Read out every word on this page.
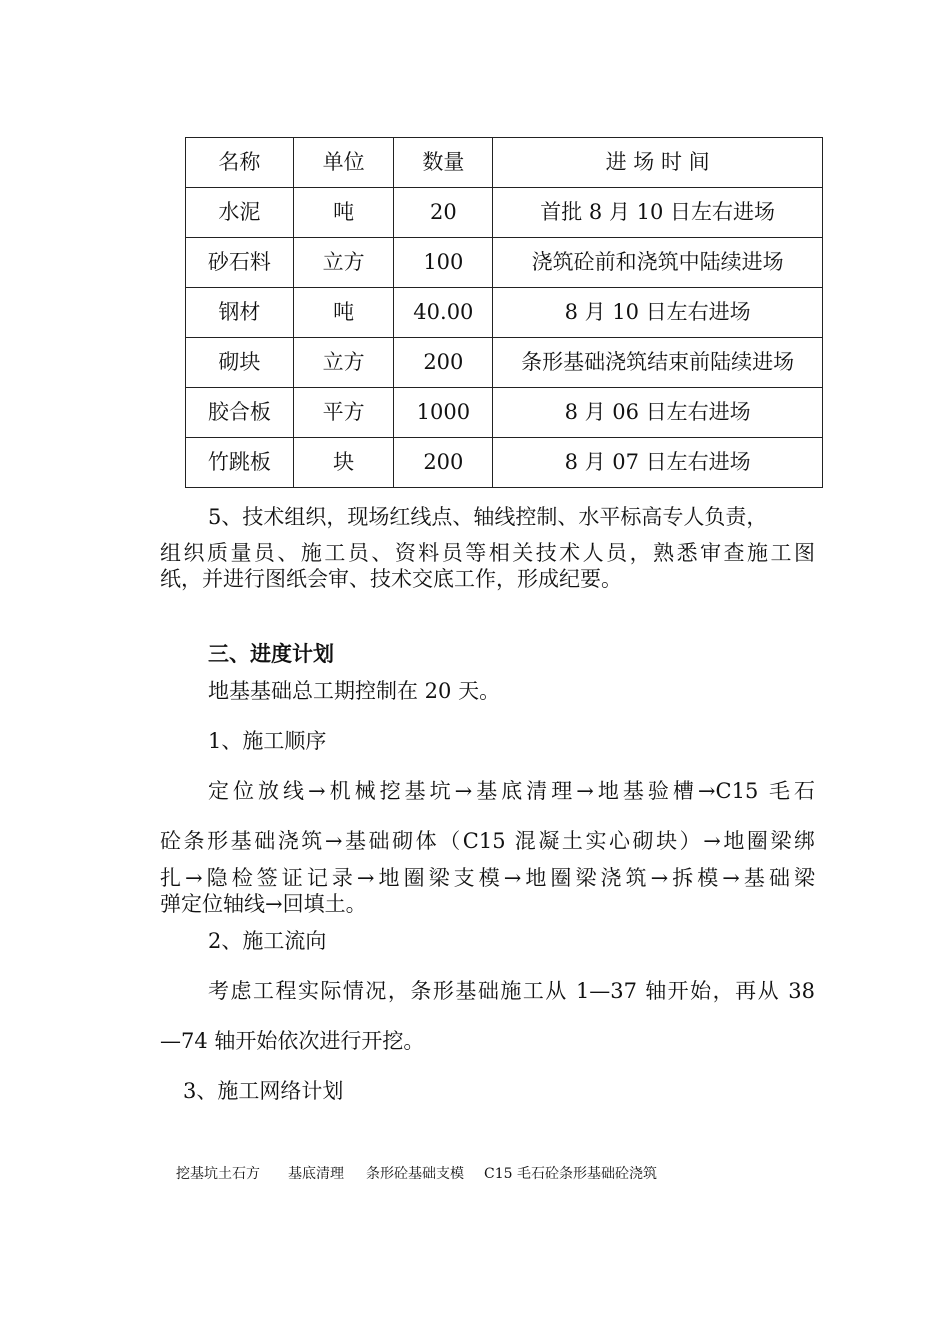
名称	单位	数量	进 场 时 间
水泥	吨	20	首批 8 月 10 日左右进场
砂石料	立方	100	浇筑砼前和浇筑中陆续进场
钢材	吨	40.00	8 月 10 日左右进场
砌块	立方	200	条形基础浇筑结束前陆续进场
胶合板	平方	1000	8 月 06 日左右进场
竹跳板	块	200	8 月 07 日左右进场

5、技术组织，现场红线点、轴线控制、水平标高专人负责，

组织质量员、施工员、资料员等相关技术人员，熟悉审查施工图

纸，并进行图纸会审、技术交底工作，形成纪要。

三、进度计划

地基基础总工期控制在 20 天。

1、施工顺序

定位放线→机械挖基坑→基底清理→地基验槽→C15 毛石

砼条形基础浇筑→基础砌体（C15 混凝土实心砌块）→地圈梁绑

扎→隐检签证记录→地圈梁支模→地圈梁浇筑→拆模→基础梁

弹定位轴线→回填土。

2、施工流向

考虑工程实际情况，条形基础施工从 1—37 轴开始，再从 38

—74 轴开始依次进行开挖。

3、施工网络计划

挖基坑土石方 基底清理 条形砼基础支模 C15 毛石砼条形基础砼浇筑
